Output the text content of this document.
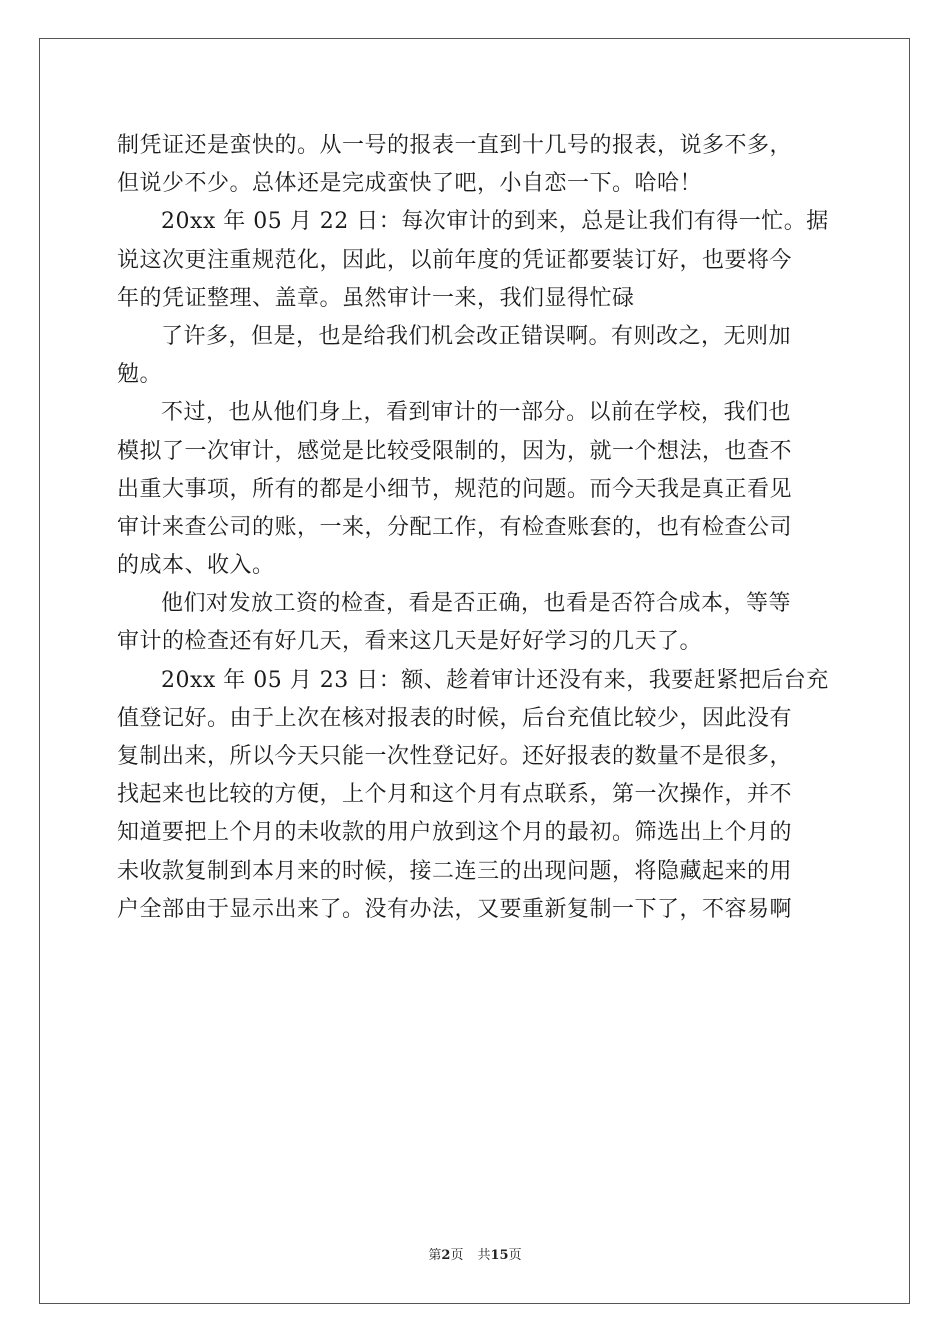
制凭证还是蛮快的。从一号的报表一直到十几号的报表，说多不多，
但说少不少。总体还是完成蛮快了吧，小自恋一下。哈哈！
20xx 年 05 月 22 日：每次审计的到来，总是让我们有得一忙。据
说这次更注重规范化，因此，以前年度的凭证都要装订好，也要将今
年的凭证整理、盖章。虽然审计一来，我们显得忙碌
了许多，但是，也是给我们机会改正错误啊。有则改之，无则加
勉。
不过，也从他们身上，看到审计的一部分。以前在学校，我们也
模拟了一次审计，感觉是比较受限制的，因为，就一个想法，也查不
出重大事项，所有的都是小细节，规范的问题。而今天我是真正看见
审计来查公司的账，一来，分配工作，有检查账套的，也有检查公司
的成本、收入。
他们对发放工资的检查，看是否正确，也看是否符合成本，等等
审计的检查还有好几天，看来这几天是好好学习的几天了。
20xx 年 05 月 23 日：额、趁着审计还没有来，我要赶紧把后台充
值登记好。由于上次在核对报表的时候，后台充值比较少，因此没有
复制出来，所以今天只能一次性登记好。还好报表的数量不是很多，
找起来也比较的方便，上个月和这个月有点联系，第一次操作，并不
知道要把上个月的未收款的用户放到这个月的最初。筛选出上个月的
未收款复制到本月来的时候，接二连三的出现问题，将隐藏起来的用
户全部由于显示出来了。没有办法，又要重新复制一下了，不容易啊
第2页 共15页
